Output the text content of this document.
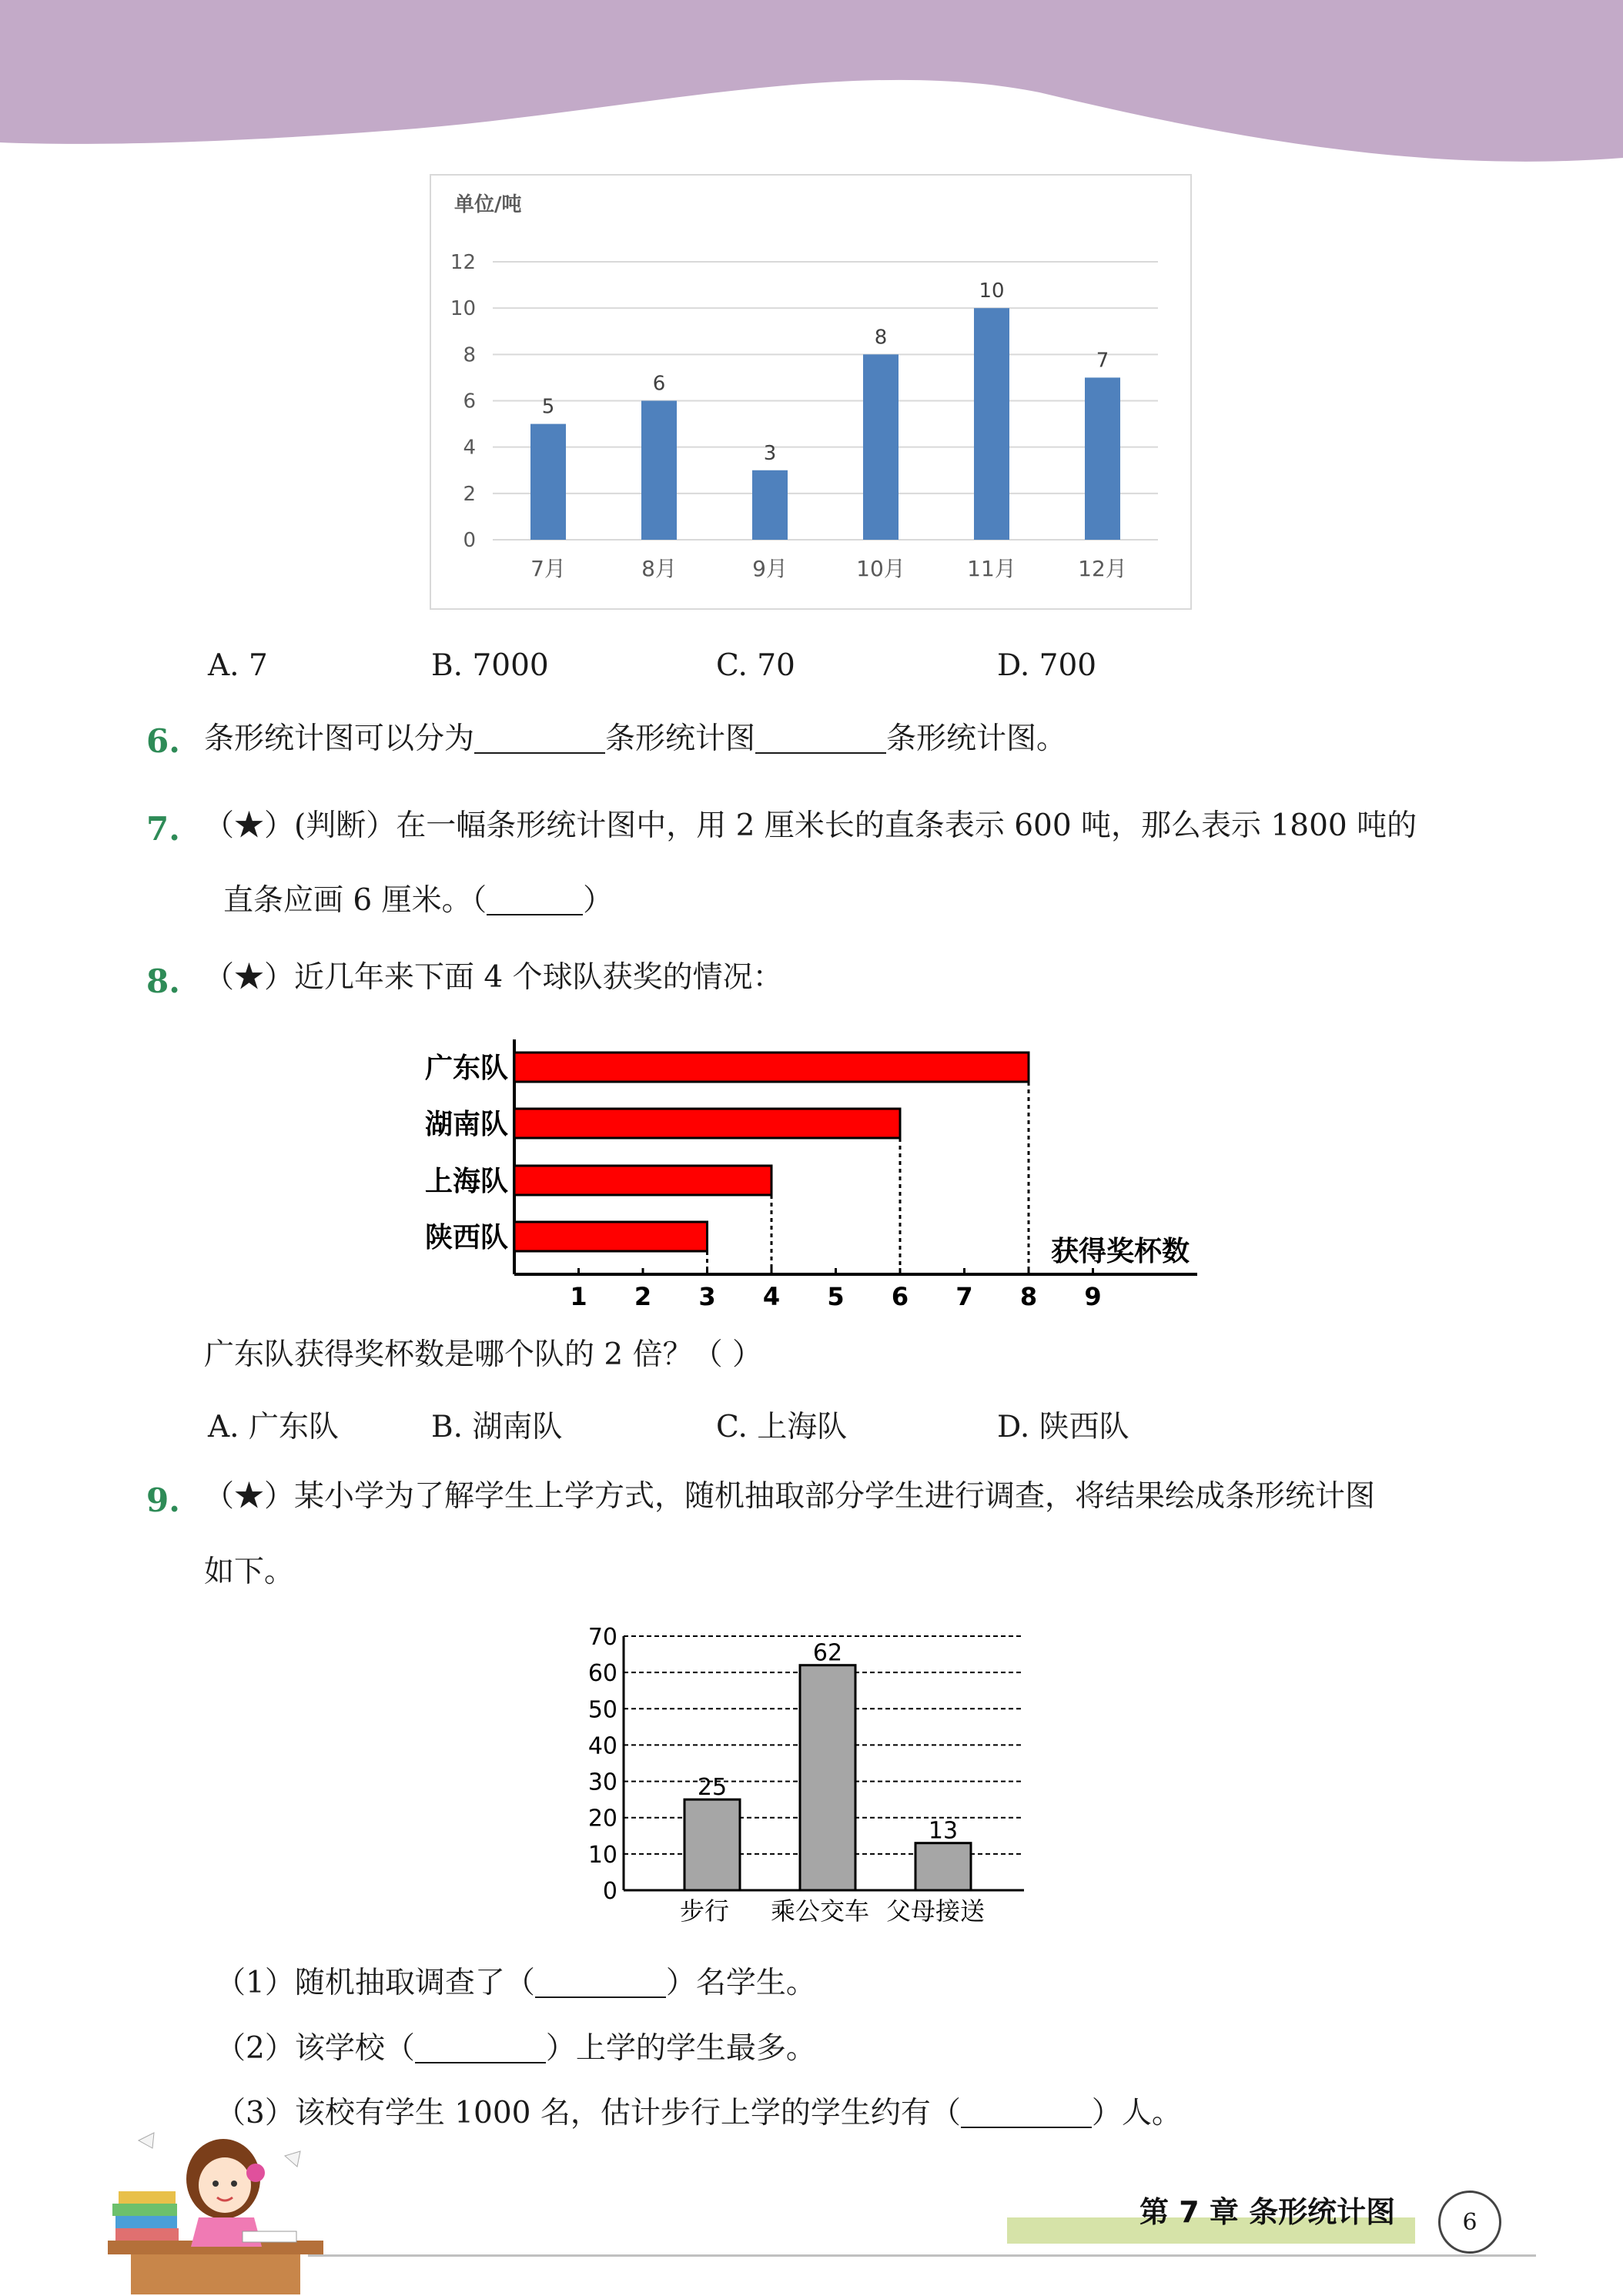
单位/吨
0
2
4
6
8
10
12
5
7月
6
8月
3
9月
8
10月
10
11月
7
12月
A. 7	B. 7000	C. 70	D. 700
6. 条形统计图可以分为	条形统计图	条形统计图。
7. （★）(判断）在一幅条形统计图中，用 2 厘米长的直条表示 600 吨，那么表示 1800 吨的
直条应画 6 厘米。（	）
8. （★）近几年来下面 4 个球队获奖的情况：
广东队
湖南队
上海队
陕西队
1 2 3 4 5 6 7 8 9
获得奖杯数
广东队获得奖杯数是哪个队的 2 倍？（ ）
A. 广东队	B. 湖南队	C. 上海队	D. 陕西队
9. （★）某小学为了解学生上学方式，随机抽取部分学生进行调查，将结果绘成条形统计图
如下。
0
10
20
30
40
50
60
70
25
步行
62
乘公交车
13
父母接送
（1）随机抽取调查了（	）名学生。
（2）该学校（	）上学的学生最多。
（3）该校有学生 1000 名，估计步行上学的学生约有（	）人。
第 7 章 条形统计图	6
